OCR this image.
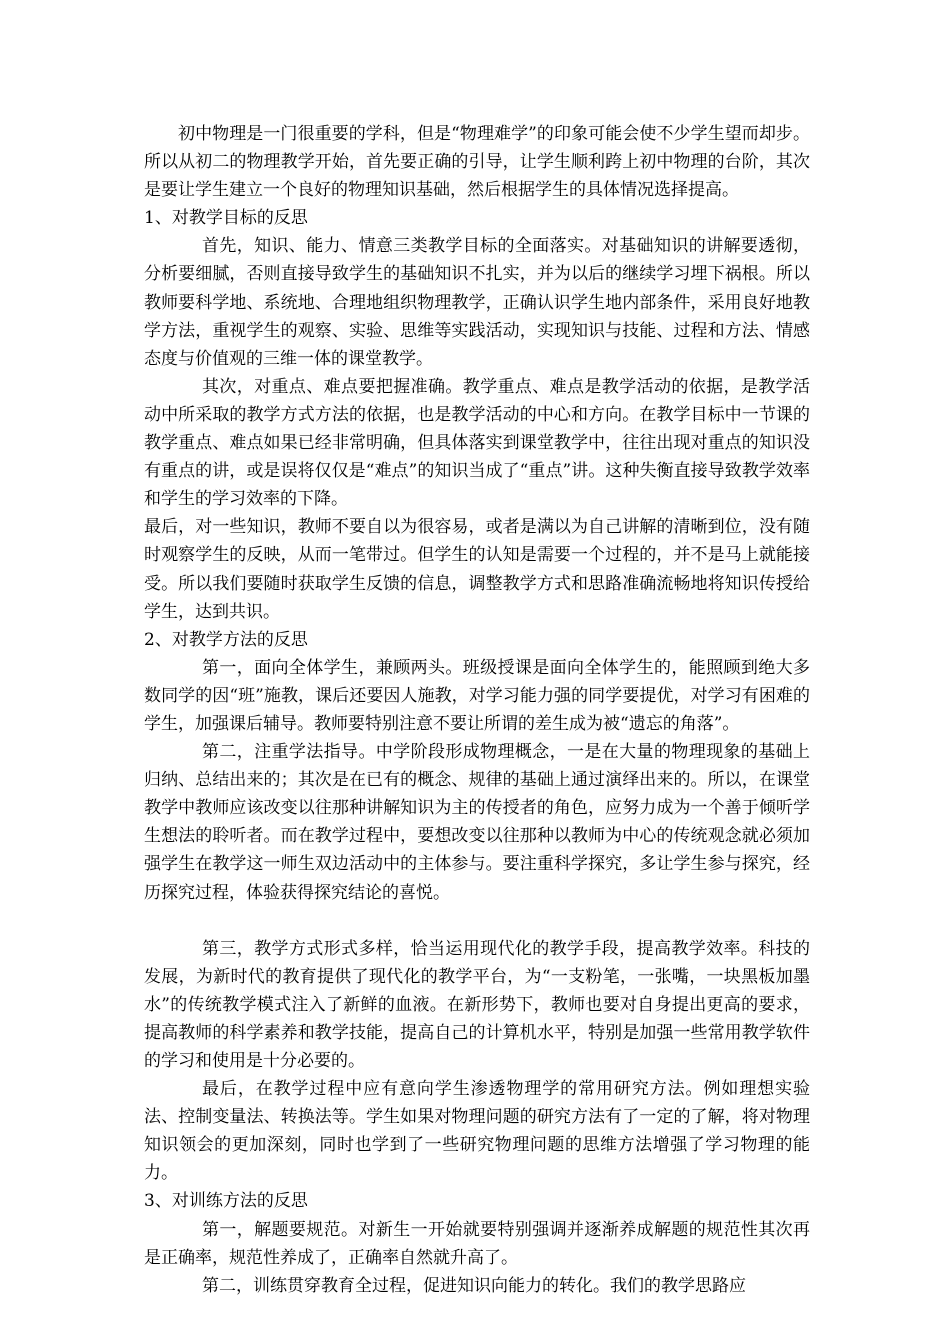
初中物理是一门很重要的学科，但是“物理难学”的印象可能会使不少学生望而却步。所以从初二的物理教学开始，首先要正确的引导，让学生顺利跨上初中物理的台阶，其次是要让学生建立一个良好的物理知识基础，然后根据学生的具体情况选择提高。

1、对教学目标的反思

首先，知识、能力、情意三类教学目标的全面落实。对基础知识的讲解要透彻，分析要细腻，否则直接导致学生的基础知识不扎实，并为以后的继续学习埋下祸根。所以教师要科学地、系统地、合理地组织物理教学，正确认识学生地内部条件，采用良好地教学方法，重视学生的观察、实验、思维等实践活动，实现知识与技能、过程和方法、情感态度与价值观的三维一体的课堂教学。

其次，对重点、难点要把握准确。教学重点、难点是教学活动的依据，是教学活动中所采取的教学方式方法的依据，也是教学活动的中心和方向。在教学目标中一节课的教学重点、难点如果已经非常明确，但具体落实到课堂教学中，往往出现对重点的知识没有重点的讲，或是误将仅仅是“难点”的知识当成了“重点”讲。这种失衡直接导致教学效率和学生的学习效率的下降。

最后，对一些知识，教师不要自以为很容易，或者是满以为自己讲解的清晰到位，没有随时观察学生的反映，从而一笔带过。但学生的认知是需要一个过程的，并不是马上就能接受。所以我们要随时获取学生反馈的信息，调整教学方式和思路准确流畅地将知识传授给学生，达到共识。

2、对教学方法的反思

第一，面向全体学生，兼顾两头。班级授课是面向全体学生的，能照顾到绝大多数同学的因“班”施教，课后还要因人施教，对学习能力强的同学要提优，对学习有困难的学生，加强课后辅导。教师要特别注意不要让所谓的差生成为被“遗忘的角落”。

第二，注重学法指导。中学阶段形成物理概念，一是在大量的物理现象的基础上归纳、总结出来的；其次是在已有的概念、规律的基础上通过演绎出来的。所以，在课堂教学中教师应该改变以往那种讲解知识为主的传授者的角色，应努力成为一个善于倾听学生想法的聆听者。而在教学过程中，要想改变以往那种以教师为中心的传统观念就必须加强学生在教学这一师生双边活动中的主体参与。要注重科学探究，多让学生参与探究，经历探究过程，体验获得探究结论的喜悦。

第三，教学方式形式多样，恰当运用现代化的教学手段，提高教学效率。科技的发展，为新时代的教育提供了现代化的教学平台，为“一支粉笔，一张嘴，一块黑板加墨水”的传统教学模式注入了新鲜的血液。在新形势下，教师也要对自身提出更高的要求，提高教师的科学素养和教学技能，提高自己的计算机水平，特别是加强一些常用教学软件的学习和使用是十分必要的。

最后，在教学过程中应有意向学生渗透物理学的常用研究方法。例如理想实验法、控制变量法、转换法等。学生如果对物理问题的研究方法有了一定的了解，将对物理知识领会的更加深刻，同时也学到了一些研究物理问题的思维方法增强了学习物理的能力。

3、对训练方法的反思

第一，解题要规范。对新生一开始就要特别强调并逐渐养成解题的规范性其次再是正确率，规范性养成了，正确率自然就升高了。

第二，训练贯穿教育全过程，促进知识向能力的转化。我们的教学思路应
